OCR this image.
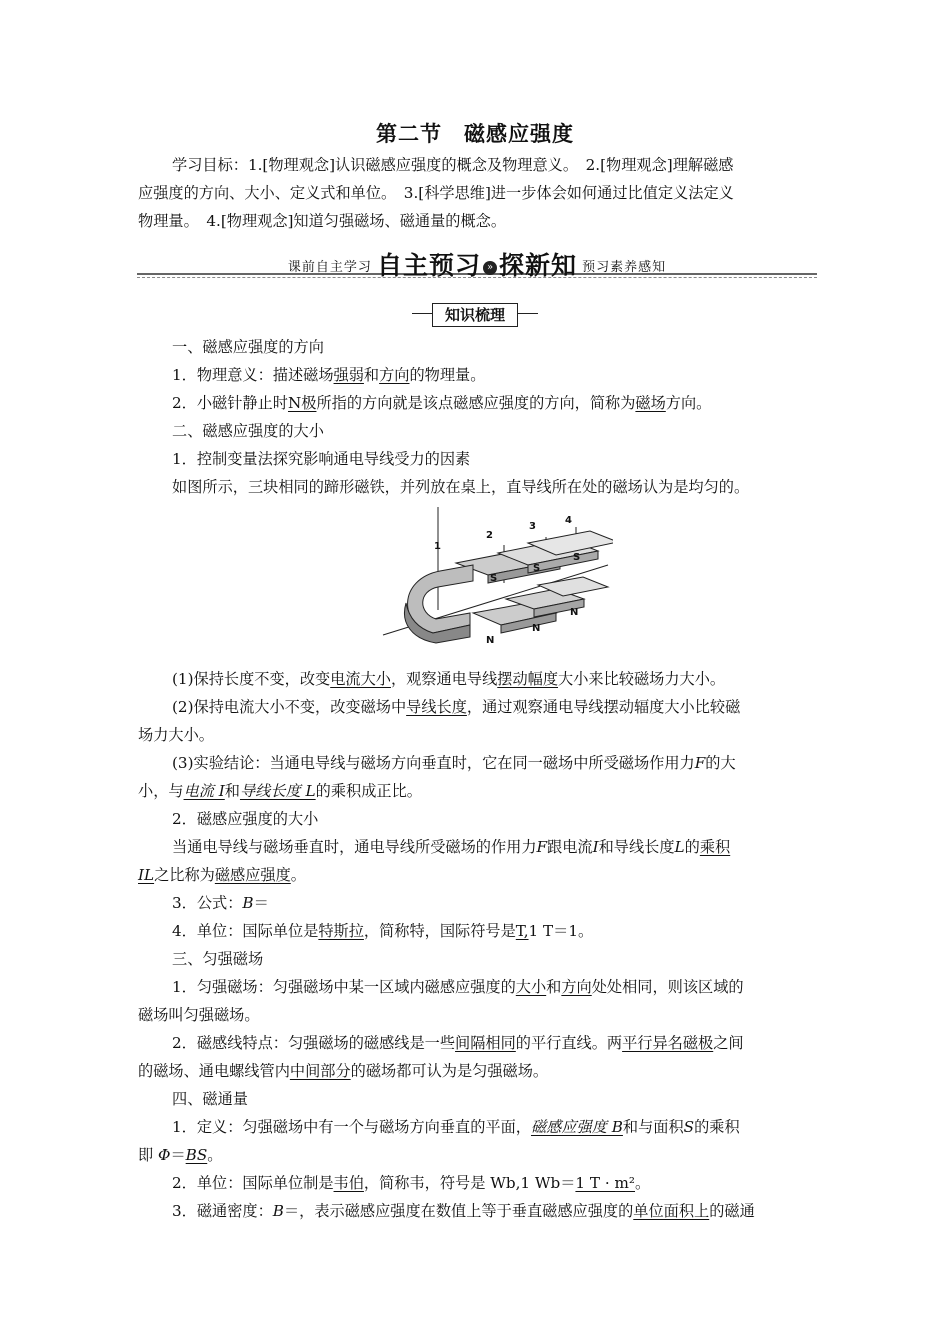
第二节 磁感应强度
学习目标：1.[物理观念]认识磁感应强度的概念及物理意义。　2.[物理观念]理解磁感
应强度的方向、大小、定义式和单位。　3.[科学思维]进一步体会如何通过比值定义法定义
物理量。　4.[物理观念]知道匀强磁场、磁通量的概念。
课前自主学习 自主预习 » 探新知 预习素养感知
知识梳理
一、磁感应强度的方向
1．物理意义：描述磁场强弱和方向的物理量。
2．小磁针静止时N极所指的方向就是该点磁感应强度的方向，简称为磁场方向。
二、磁感应强度的大小
1．控制变量法探究影响通电导线受力的因素
如图所示，三块相同的蹄形磁铁，并列放在桌上，直导线所在处的磁场认为是均匀的。
1
2
3
4
S
S
S
N
N
N
(1)保持长度不变，改变电流大小，观察通电导线摆动幅度大小来比较磁场力大小。
(2)保持电流大小不变，改变磁场中导线长度，通过观察通电导线摆动辐度大小比较磁
场力大小。
(3)实验结论：当通电导线与磁场方向垂直时，它在同一磁场中所受磁场作用力F的大
小，与电流 I和导线长度 L的乘积成正比。
2．磁感应强度的大小
当通电导线与磁场垂直时，通电导线所受磁场的作用力F跟电流I和导线长度L的乘积
IL之比称为磁感应强度。
3．公式：B＝
4．单位：国际单位是特斯拉，简称特，国际符号是T,1 T＝1。
三、匀强磁场
1．匀强磁场：匀强磁场中某一区域内磁感应强度的大小和方向处处相同，则该区域的
磁场叫匀强磁场。
2．磁感线特点：匀强磁场的磁感线是一些间隔相同的平行直线。两平行异名磁极之间
的磁场、通电螺线管内中间部分的磁场都可认为是匀强磁场。
四、磁通量
1．定义：匀强磁场中有一个与磁场方向垂直的平面，磁感应强度 B和与面积S的乘积
即 Φ＝BS。
2．单位：国际单位制是韦伯，简称韦，符号是 Wb,1 Wb＝1 T · m²。
3．磁通密度：B＝，表示磁感应强度在数值上等于垂直磁感应强度的单位面积上的磁通
